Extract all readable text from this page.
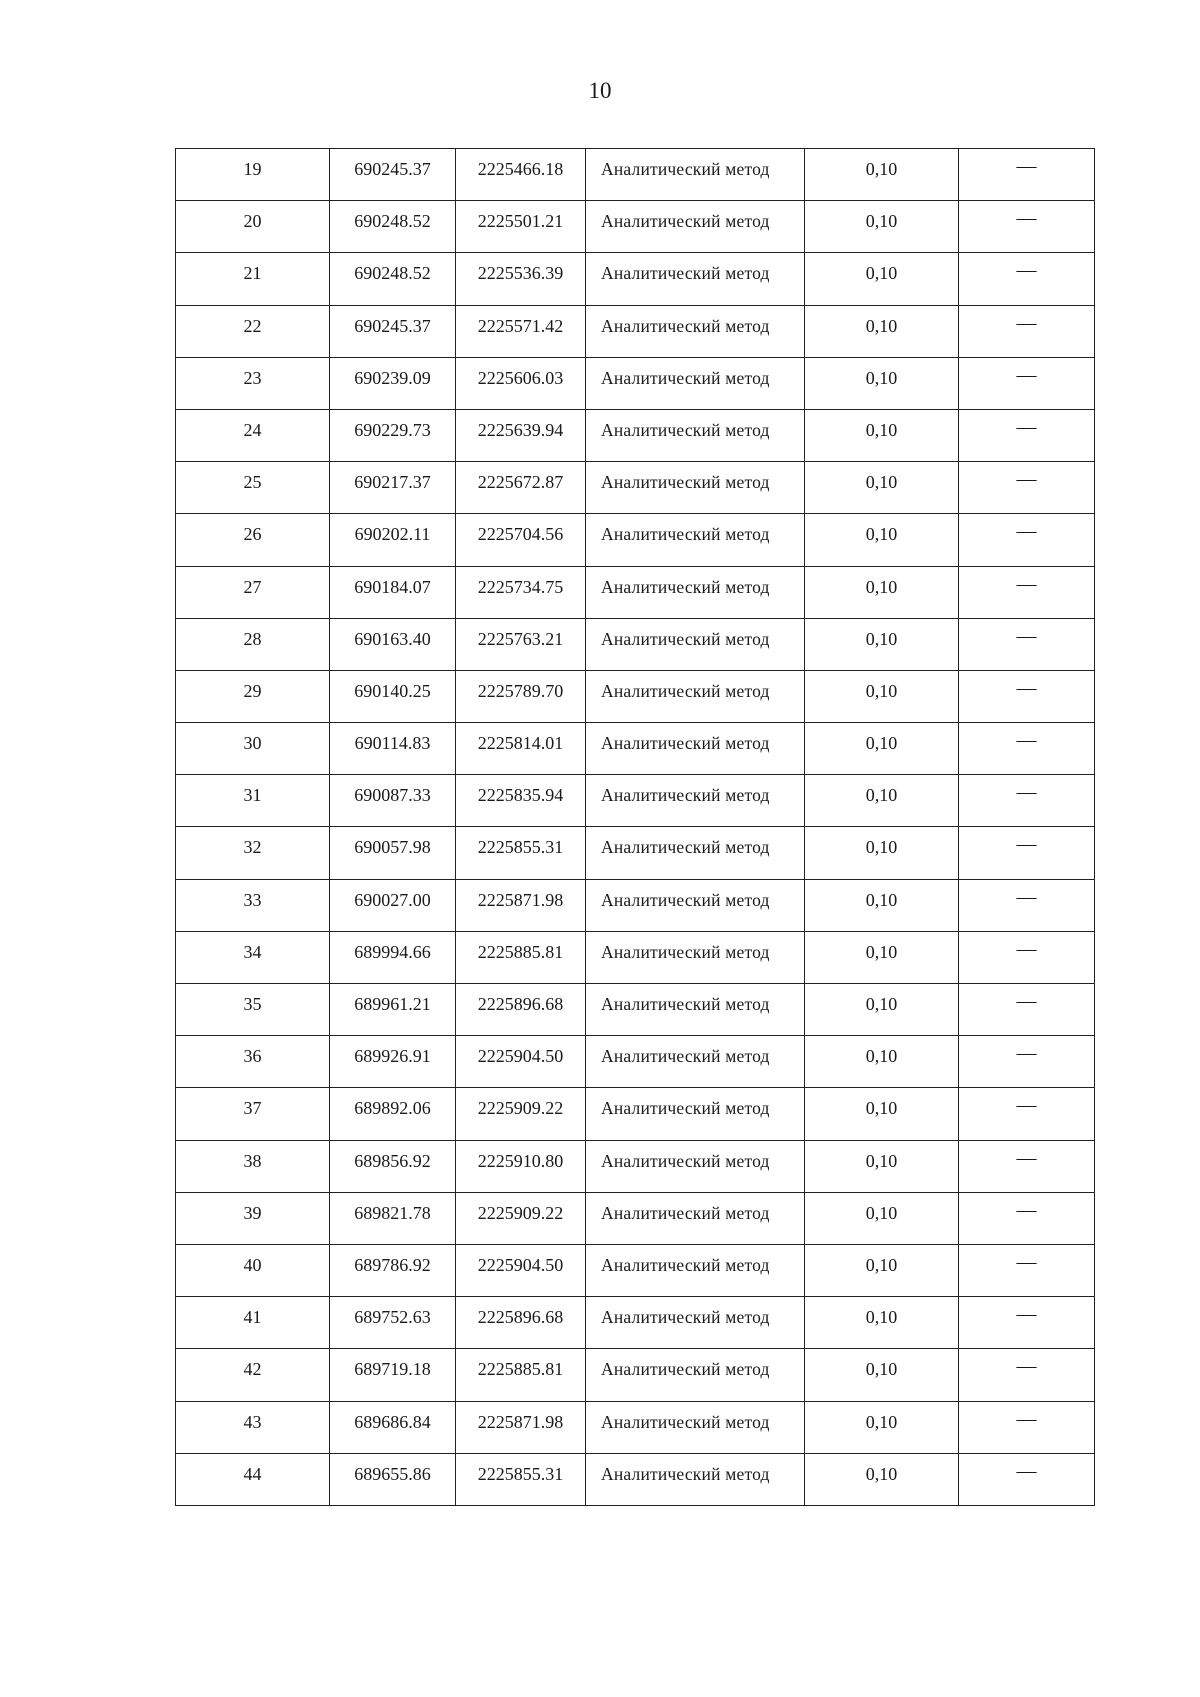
10
19	690245.37	2225466.18	Аналитический метод	0,10	—
20	690248.52	2225501.21	Аналитический метод	0,10	—
21	690248.52	2225536.39	Аналитический метод	0,10	—
22	690245.37	2225571.42	Аналитический метод	0,10	—
23	690239.09	2225606.03	Аналитический метод	0,10	—
24	690229.73	2225639.94	Аналитический метод	0,10	—
25	690217.37	2225672.87	Аналитический метод	0,10	—
26	690202.11	2225704.56	Аналитический метод	0,10	—
27	690184.07	2225734.75	Аналитический метод	0,10	—
28	690163.40	2225763.21	Аналитический метод	0,10	—
29	690140.25	2225789.70	Аналитический метод	0,10	—
30	690114.83	2225814.01	Аналитический метод	0,10	—
31	690087.33	2225835.94	Аналитический метод	0,10	—
32	690057.98	2225855.31	Аналитический метод	0,10	—
33	690027.00	2225871.98	Аналитический метод	0,10	—
34	689994.66	2225885.81	Аналитический метод	0,10	—
35	689961.21	2225896.68	Аналитический метод	0,10	—
36	689926.91	2225904.50	Аналитический метод	0,10	—
37	689892.06	2225909.22	Аналитический метод	0,10	—
38	689856.92	2225910.80	Аналитический метод	0,10	—
39	689821.78	2225909.22	Аналитический метод	0,10	—
40	689786.92	2225904.50	Аналитический метод	0,10	—
41	689752.63	2225896.68	Аналитический метод	0,10	—
42	689719.18	2225885.81	Аналитический метод	0,10	—
43	689686.84	2225871.98	Аналитический метод	0,10	—
44	689655.86	2225855.31	Аналитический метод	0,10	—
